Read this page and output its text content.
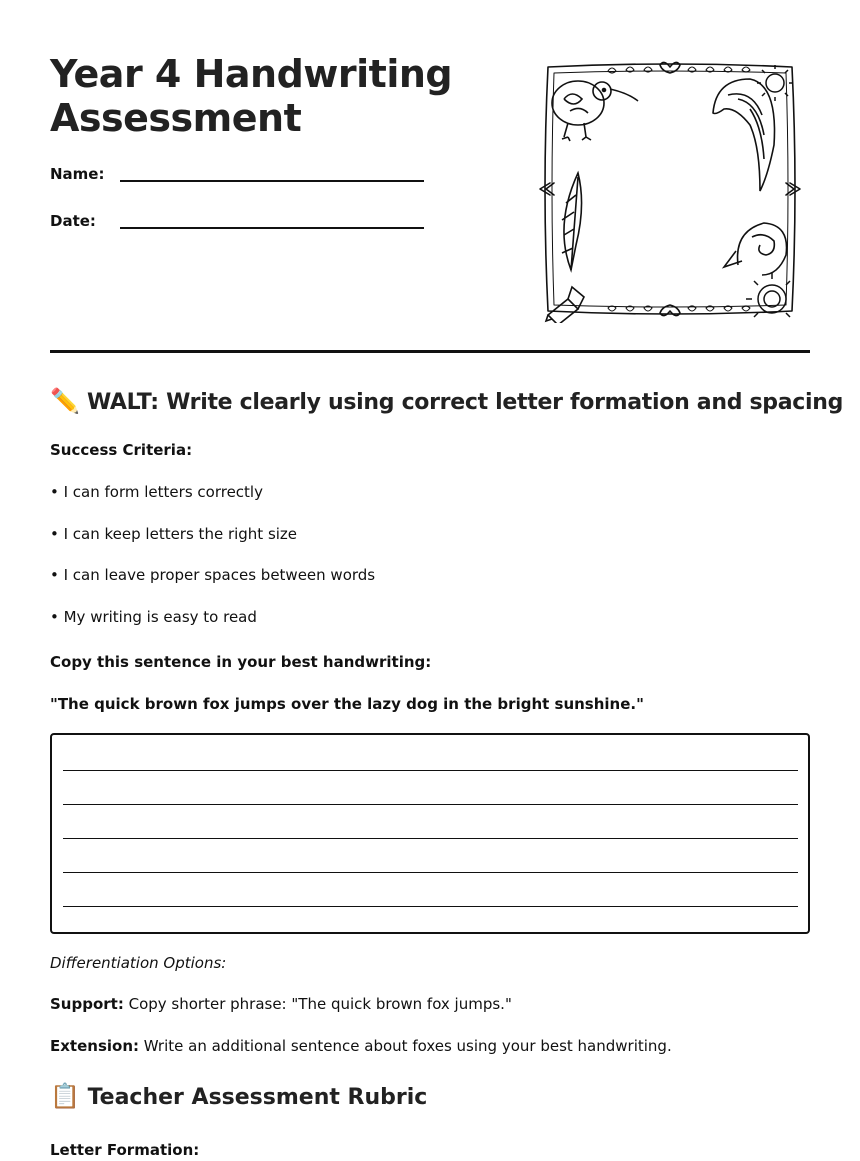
Year 4 Handwriting Assessment
Name:
Date:
✏️ WALT: Write clearly using correct letter formation and spacing
Success Criteria:
• I can form letters correctly
• I can keep letters the right size
• I can leave proper spaces between words
• My writing is easy to read
Copy this sentence in your best handwriting:
"The quick brown fox jumps over the lazy dog in the bright sunshine."
Differentiation Options:
Support: Copy shorter phrase: "The quick brown fox jumps."
Extension: Write an additional sentence about foxes using your best handwriting.
📋 Teacher Assessment Rubric
Letter Formation:
